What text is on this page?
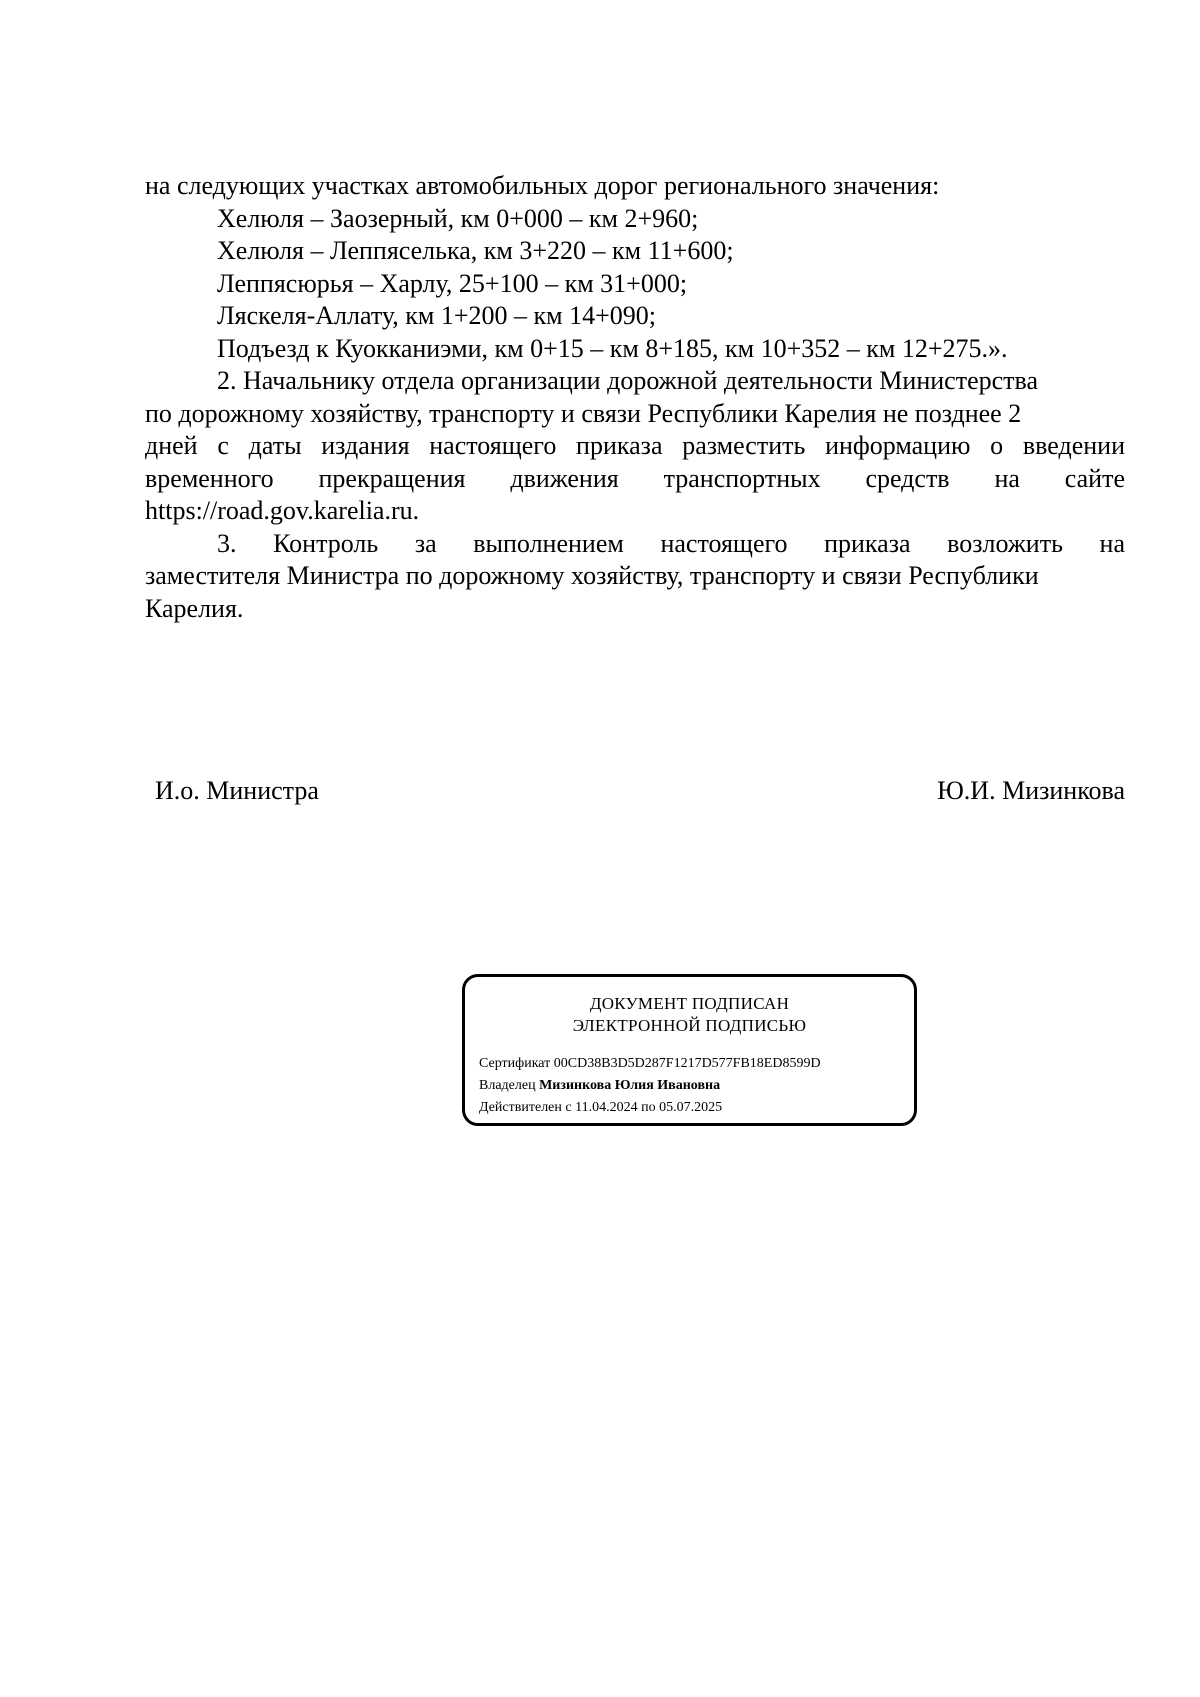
на следующих участках автомобильных дорог регионального значения:
Хелюля – Заозерный, км 0+000 – км 2+960;
Хелюля – Леппяселька, км 3+220 – км 11+600;
Леппясюрья – Харлу, 25+100 – км 31+000;
Ляскеля-Аллату, км 1+200 – км 14+090;
Подъезд к Куокканиэми, км 0+15 – км 8+185, км 10+352 – км 12+275.».
2. Начальнику отдела организации дорожной деятельности Министерства
по дорожному хозяйству, транспорту и связи Республики Карелия не позднее 2
дней с даты издания настоящего приказа разместить информацию о введении
временного прекращения движения транспортных средств на сайте
https://road.gov.karelia.ru.
3. Контроль за выполнением настоящего приказа возложить на
заместителя Министра по дорожному хозяйству, транспорту и связи Республики
Карелия.
И.о. Министра	Ю.И. Мизинкова
ДОКУМЕНТ ПОДПИСАН
ЭЛЕКТРОННОЙ ПОДПИСЬЮ
Сертификат 00CD38B3D5D287F1217D577FB18ED8599D
Владелец Мизинкова Юлия Ивановна
Действителен с 11.04.2024 по 05.07.2025
